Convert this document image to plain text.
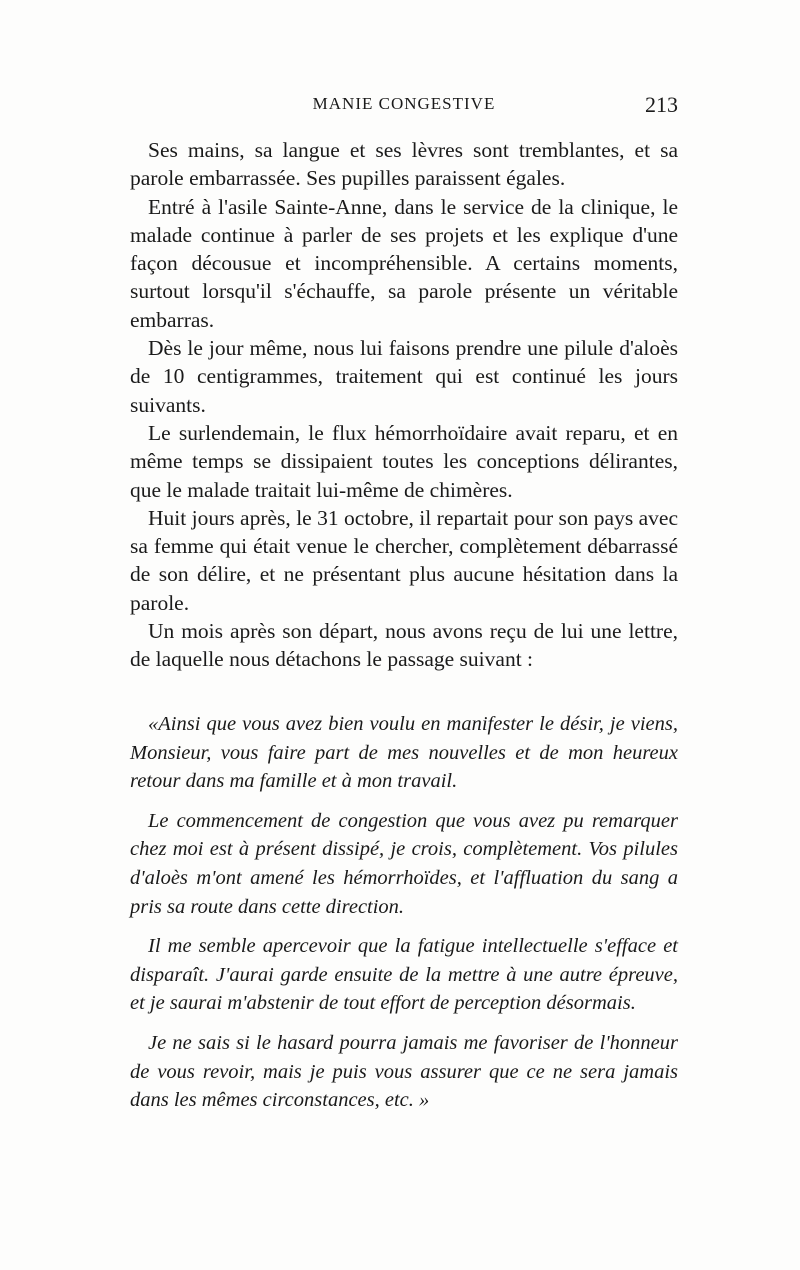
MANIE CONGESTIVE	213

Ses mains, sa langue et ses lèvres sont tremblantes, et sa parole embarrassée. Ses pupilles paraissent égales.

Entré à l'asile Sainte-Anne, dans le service de la clinique, le malade continue à parler de ses projets et les explique d'une façon décousue et incompréhensible. A certains moments, surtout lorsqu'il s'échauffe, sa parole présente un véritable embarras.

Dès le jour même, nous lui faisons prendre une pilule d'aloès de 10 centigrammes, traitement qui est continué les jours suivants.

Le surlendemain, le flux hémorrhoïdaire avait reparu, et en même temps se dissipaient toutes les conceptions délirantes, que le malade traitait lui-même de chimères.

Huit jours après, le 31 octobre, il repartait pour son pays avec sa femme qui était venue le chercher, complètement débarrassé de son délire, et ne présentant plus aucune hésitation dans la parole.

Un mois après son départ, nous avons reçu de lui une lettre, de laquelle nous détachons le passage suivant :

«Ainsi que vous avez bien voulu en manifester le désir, je viens, Monsieur, vous faire part de mes nouvelles et de mon heureux retour dans ma famille et à mon travail.

Le commencement de congestion que vous avez pu remarquer chez moi est à présent dissipé, je crois, complètement. Vos pilules d'aloès m'ont amené les hémorrhoïdes, et l'affluation du sang a pris sa route dans cette direction.

Il me semble apercevoir que la fatigue intellectuelle s'efface et disparaît. J'aurai garde ensuite de la mettre à une autre épreuve, et je saurai m'abstenir de tout effort de perception désormais.

Je ne sais si le hasard pourra jamais me favoriser de l'honneur de vous revoir, mais je puis vous assurer que ce ne sera jamais dans les mêmes circonstances, etc. »
